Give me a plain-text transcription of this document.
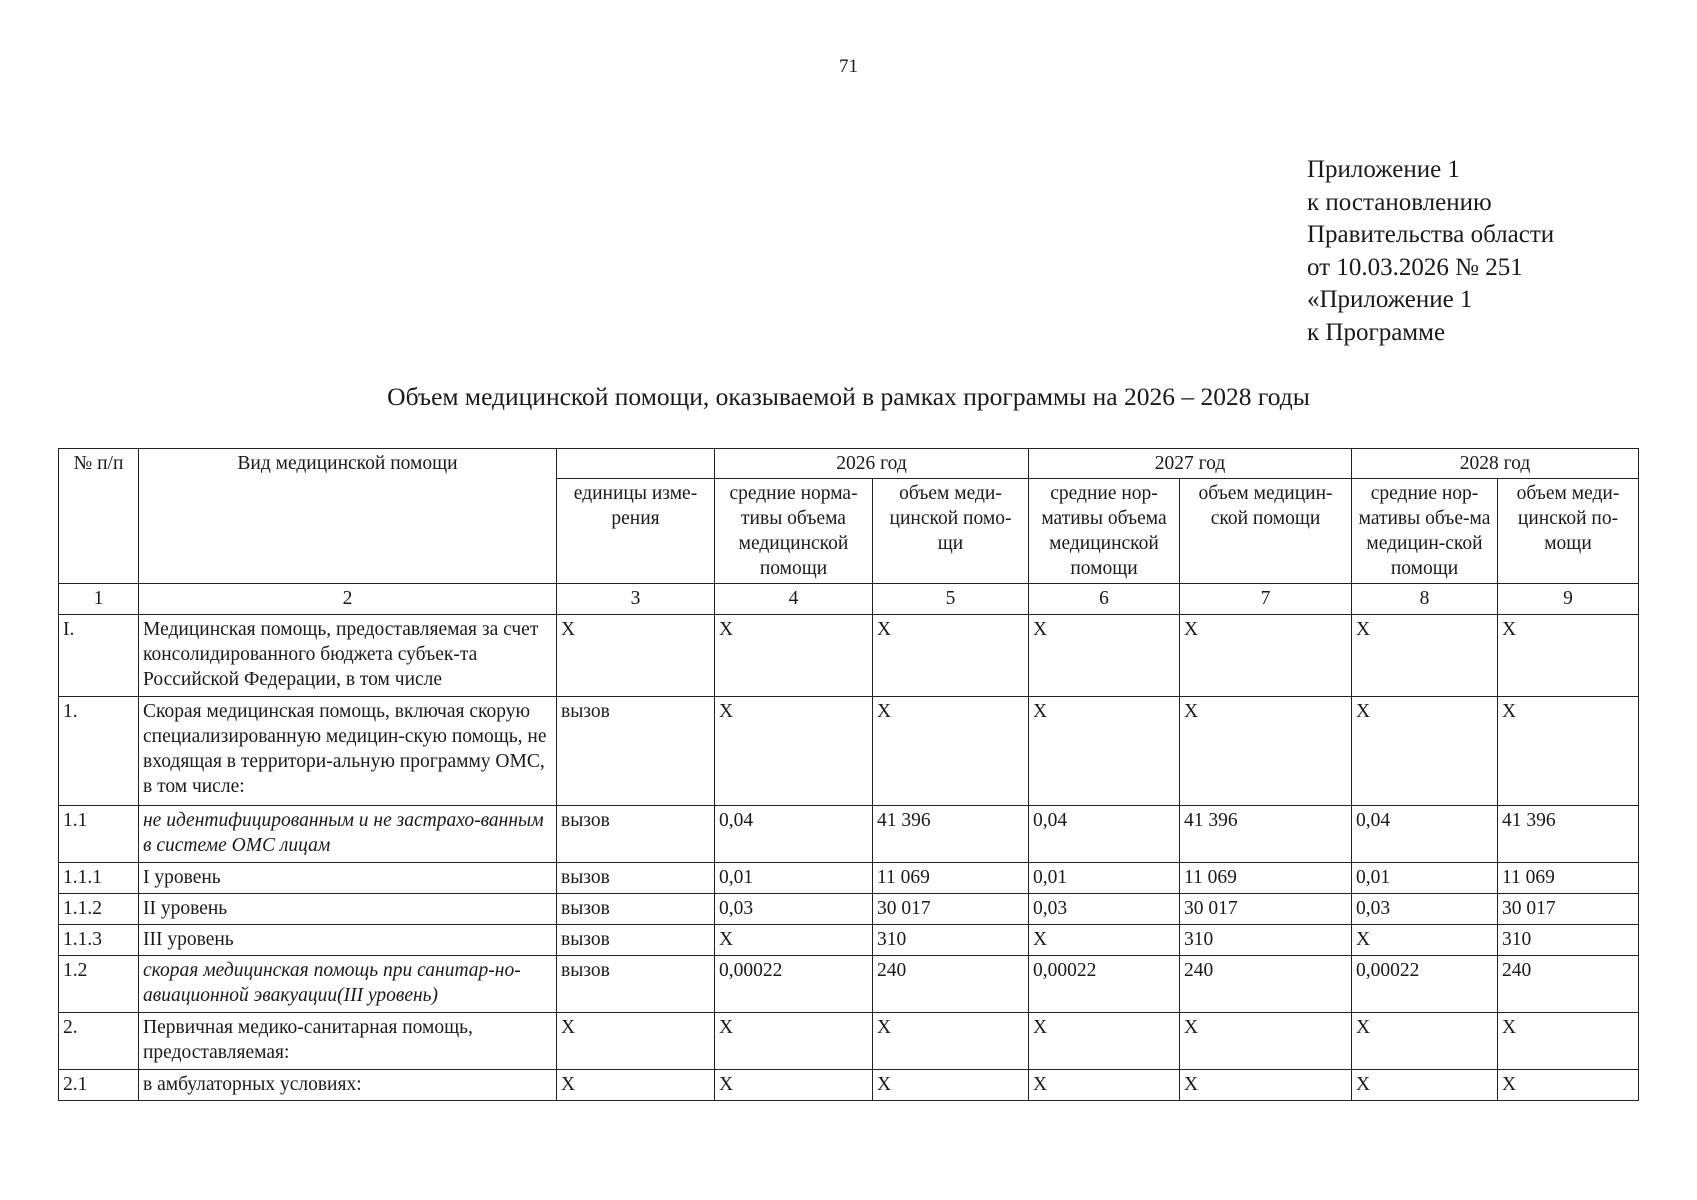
71
Приложение 1
к постановлению
Правительства области
от 10.03.2026 № 251
«Приложение 1
к Программе
Объем медицинской помощи, оказываемой в рамках программы на 2026 – 2028 годы
№ п/п	Вид медицинской помощи		2026 год		2027 год		2028 год	
		единицы изме-рения	средние норма-тивы объема медицинской помощи	объем меди-цинской помо-щи	средние нор-мативы объема медицинской помощи	объем медицин-ской помощи	средние нор-мативы объе-ма медицин-ской помощи	объем меди-цинской по-мощи
1	2	3	4	5	6	7	8	9
I.	Медицинская помощь, предоставляемая за счет консолидированного бюджета субъек-та Российской Федерации, в том числе	Х	Х	Х	Х	Х	Х	Х
1.	Скорая медицинская помощь, включая скорую специализированную медицин-скую помощь, не входящая в территори-альную программу ОМС, в том числе:	вызов	Х	Х	Х	Х	Х	Х
1.1	не идентифицированным и не застрахо-ванным в системе ОМС лицам	вызов	0,04	41 396	0,04	41 396	0,04	41 396
1.1.1	I уровень	вызов	0,01	11 069	0,01	11 069	0,01	11 069
1.1.2	II уровень	вызов	0,03	30 017	0,03	30 017	0,03	30 017
1.1.3	III уровень	вызов	Х	310	Х	310	Х	310
1.2	скорая медицинская помощь при санитар-но-авиационной эвакуации(III уровень)	вызов	0,00022	240	0,00022	240	0,00022	240
2.	Первичная медико-санитарная помощь, предоставляемая:	Х	Х	Х	Х	Х	Х	Х
2.1	в амбулаторных условиях:	Х	Х	Х	Х	Х	Х	Х
